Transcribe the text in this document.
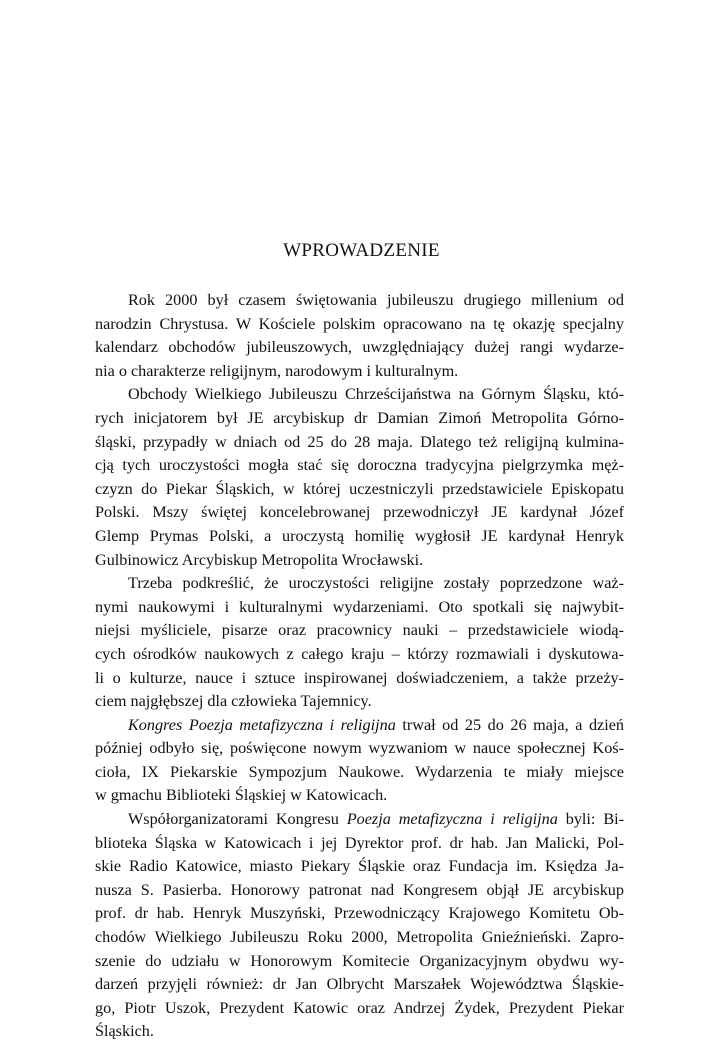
WPROWADZENIE
Rok 2000 był czasem świętowania jubileuszu drugiego millenium od
narodzin Chrystusa. W Kościele polskim opracowano na tę okazję specjalny
kalendarz obchodów jubileuszowych, uwzględniający dużej rangi wydarze-
nia o charakterze religijnym, narodowym i kulturalnym.
Obchody Wielkiego Jubileuszu Chrześcijaństwa na Górnym Śląsku, któ-
rych inicjatorem był JE arcybiskup dr Damian Zimoń Metropolita Górno-
śląski, przypadły w dniach od 25 do 28 maja. Dlatego też religijną kulmina-
cją tych uroczystości mogła stać się doroczna tradycyjna pielgrzymka męż-
czyzn do Piekar Śląskich, w której uczestniczyli przedstawiciele Episkopatu
Polski. Mszy świętej koncelebrowanej przewodniczył JE kardynał Józef
Glemp Prymas Polski, a uroczystą homilię wygłosił JE kardynał Henryk
Gulbinowicz Arcybiskup Metropolita Wrocławski.
Trzeba podkreślić, że uroczystości religijne zostały poprzedzone waż-
nymi naukowymi i kulturalnymi wydarzeniami. Oto spotkali się najwybit-
niejsi myśliciele, pisarze oraz pracownicy nauki – przedstawiciele wiodą-
cych ośrodków naukowych z całego kraju – którzy rozmawiali i dyskutowa-
li o kulturze, nauce i sztuce inspirowanej doświadczeniem, a także przeży-
ciem najgłębszej dla człowieka Tajemnicy.
Kongres Poezja metafizyczna i religijna trwał od 25 do 26 maja, a dzień
później odbyło się, poświęcone nowym wyzwaniom w nauce społecznej Koś-
cioła, IX Piekarskie Sympozjum Naukowe. Wydarzenia te miały miejsce
w gmachu Biblioteki Śląskiej w Katowicach.
Współorganizatorami Kongresu Poezja metafizyczna i religijna byli: Bi-
blioteka Śląska w Katowicach i jej Dyrektor prof. dr hab. Jan Malicki, Pol-
skie Radio Katowice, miasto Piekary Śląskie oraz Fundacja im. Księdza Ja-
nusza S. Pasierba. Honorowy patronat nad Kongresem objął JE arcybiskup
prof. dr hab. Henryk Muszyński, Przewodniczący Krajowego Komitetu Ob-
chodów Wielkiego Jubileuszu Roku 2000, Metropolita Gnieźnieński. Zapro-
szenie do udziału w Honorowym Komitecie Organizacyjnym obydwu wy-
darzeń przyjęli również: dr Jan Olbrycht Marszałek Województwa Śląskie-
go, Piotr Uszok, Prezydent Katowic oraz Andrzej Żydek, Prezydent Piekar
Śląskich.
